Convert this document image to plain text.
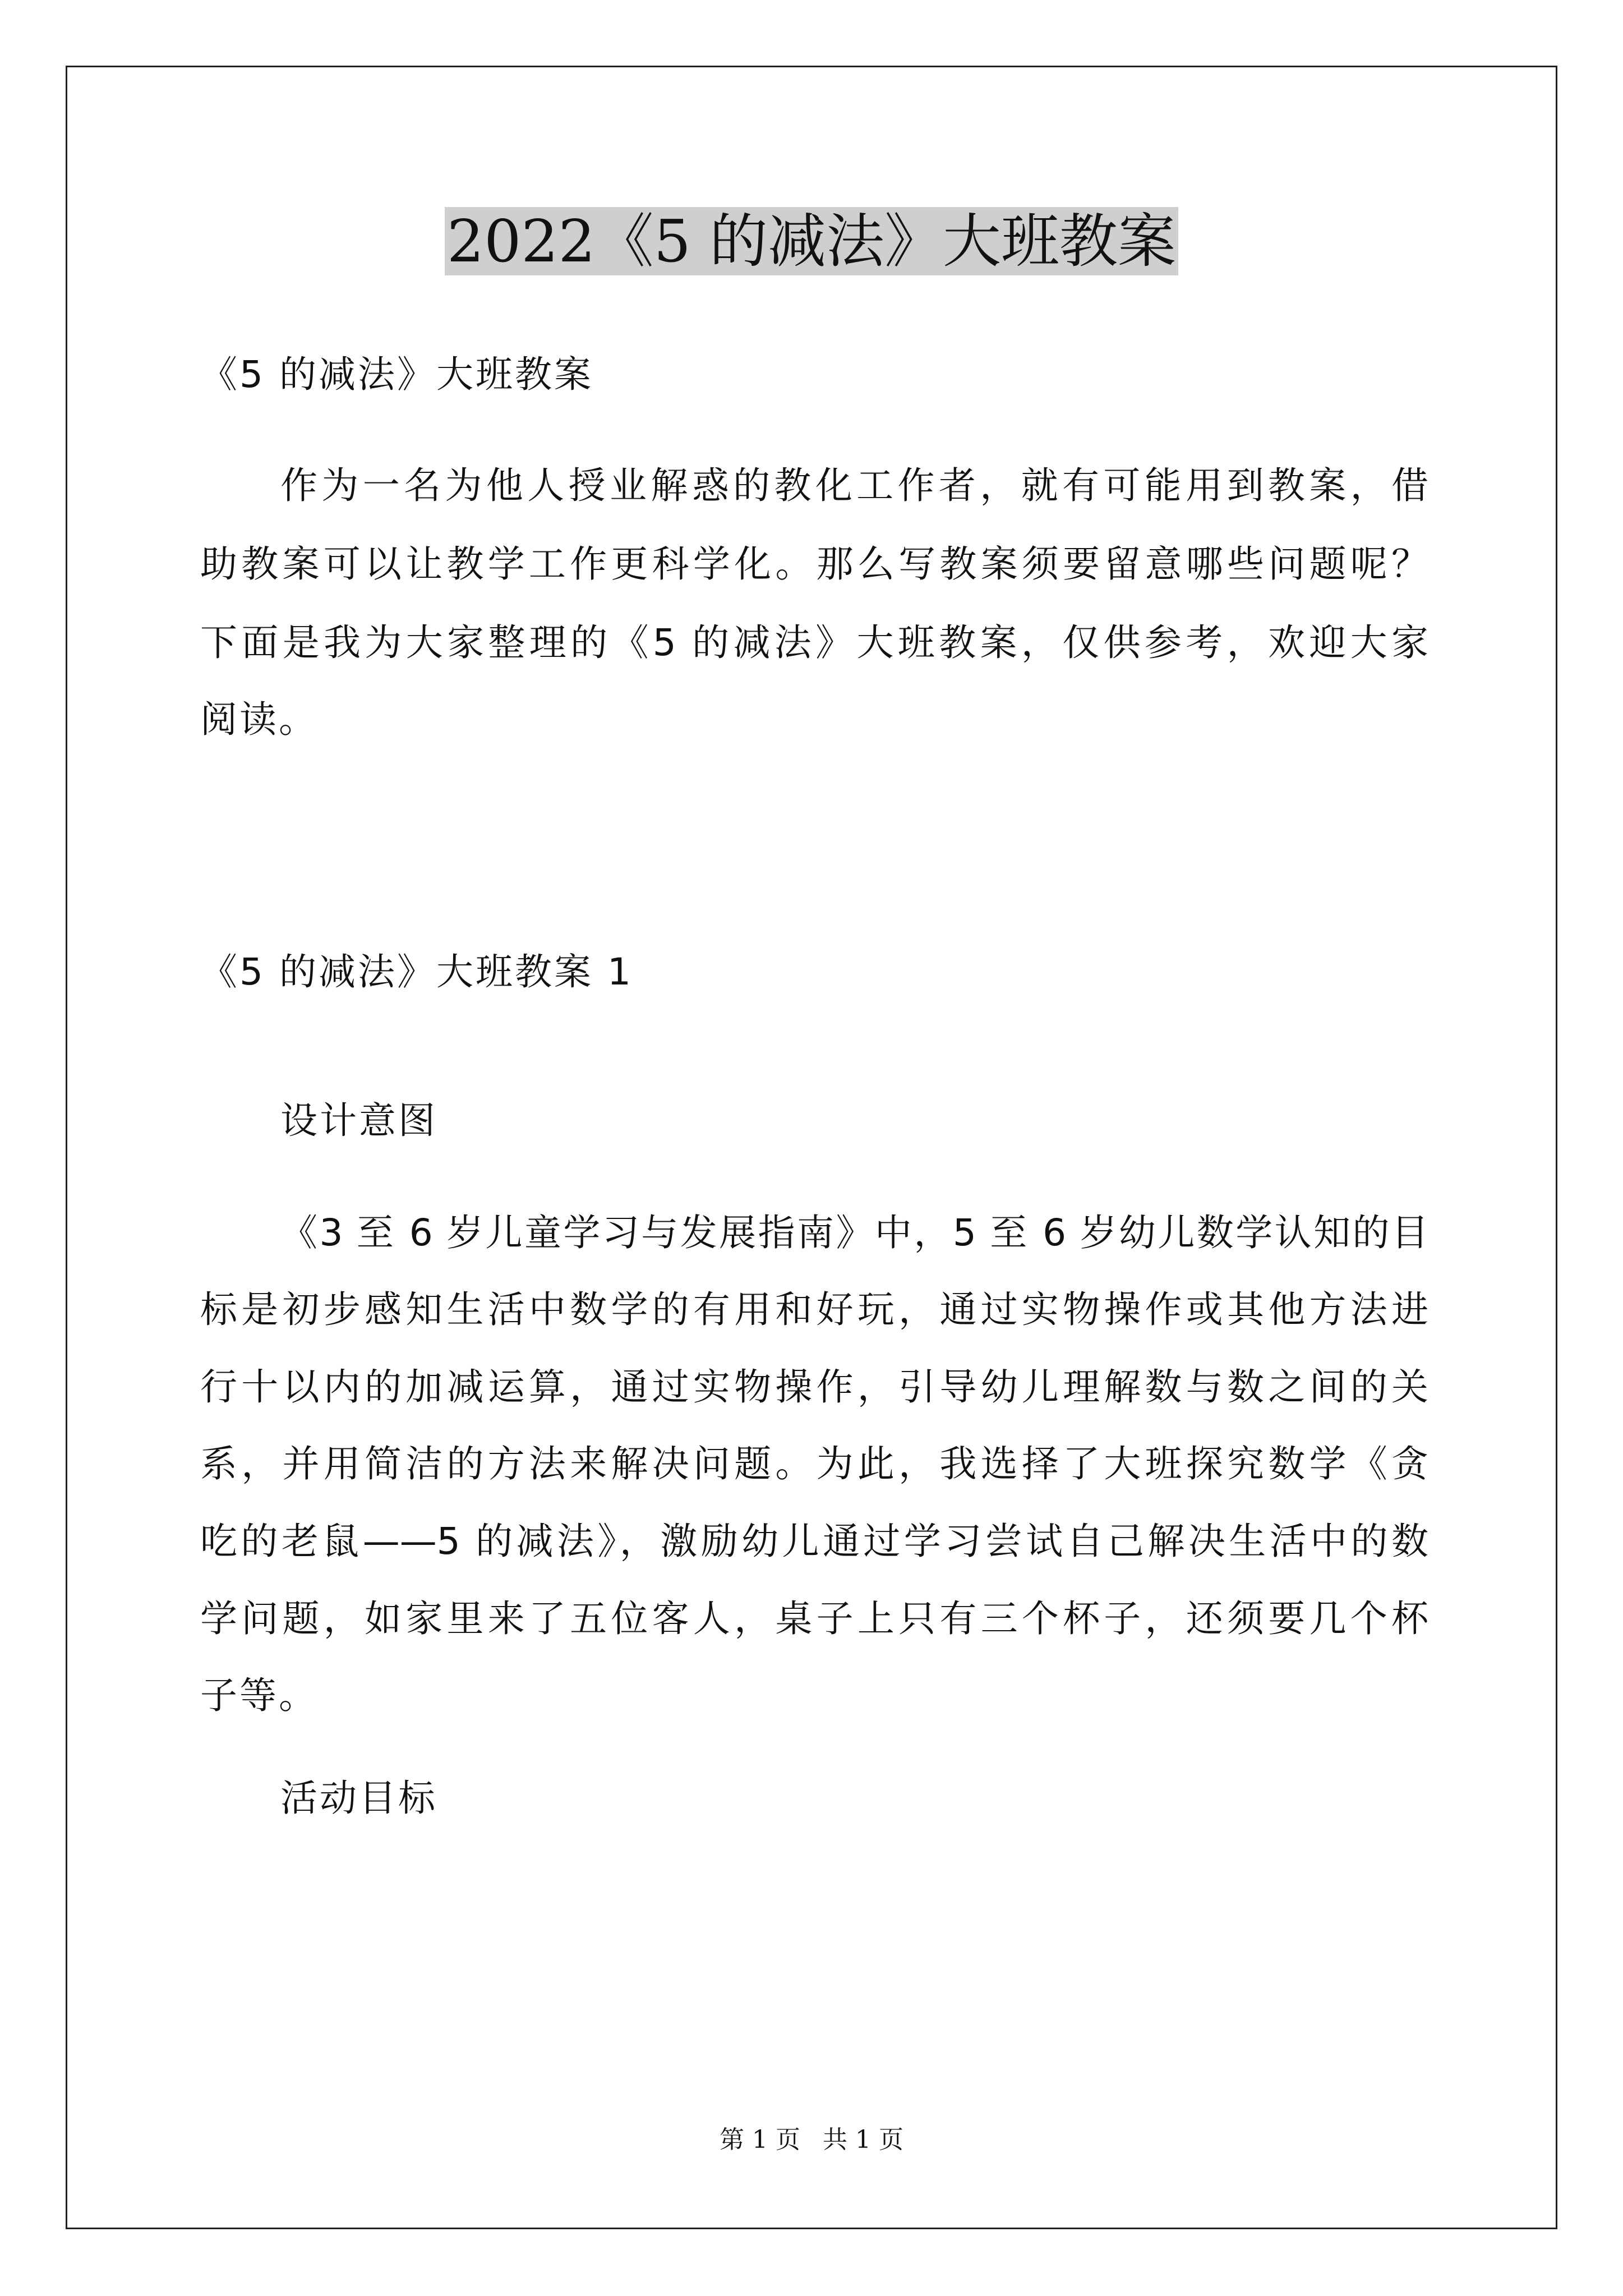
2022《5 的减法》大班教案
《5 的减法》大班教案
作为一名为他人授业解惑的教化工作者，就有可能用到教案，借
助教案可以让教学工作更科学化。那么写教案须要留意哪些问题呢？
下面是我为大家整理的《5 的减法》大班教案，仅供参考，欢迎大家
阅读。
《5 的减法》大班教案 1
设计意图
《3 至 6 岁儿童学习与发展指南》中，5 至 6 岁幼儿数学认知的目
标是初步感知生活中数学的有用和好玩，通过实物操作或其他方法进
行十以内的加减运算，通过实物操作，引导幼儿理解数与数之间的关
系，并用简洁的方法来解决问题。为此，我选择了大班探究数学《贪
吃的老鼠——5 的减法》，激励幼儿通过学习尝试自己解决生活中的数
学问题，如家里来了五位客人，桌子上只有三个杯子，还须要几个杯
子等。
活动目标
第 1 页 共 1 页
